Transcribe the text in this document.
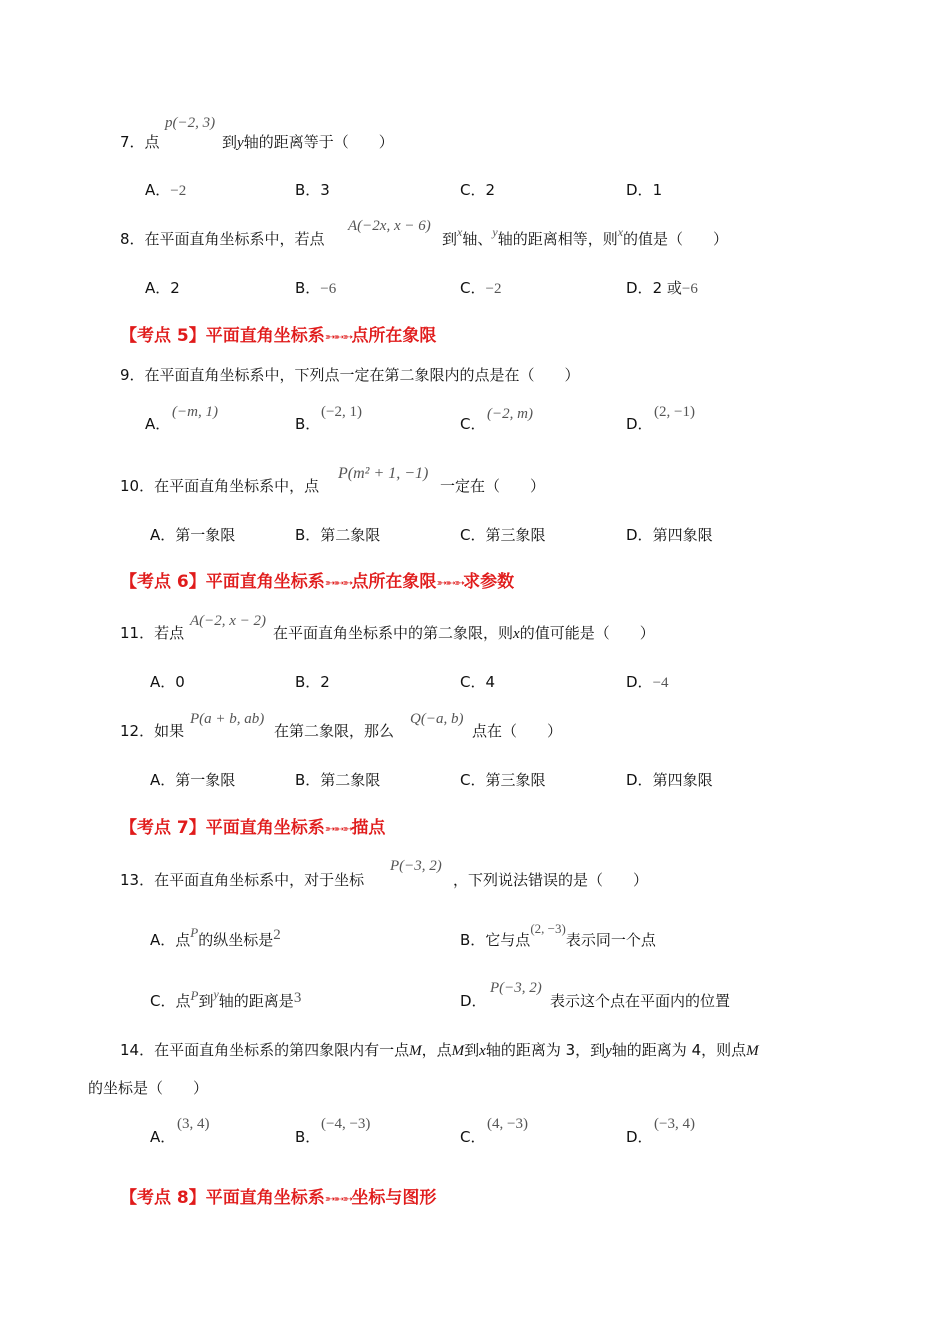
7．点
p(−2, 3)
到y轴的距离等于（　　）
A．−2	B．3	C．2	D．1
8．在平面直角坐标系中，若点
A(−2x, x − 6)
到$^x$轴、$^y$轴的距离相等，则$^x$的值是（　　）
A．2	B．−6	C．−2	D．2 或−6
【考点 5】平面直角坐标系➳➵➳点所在象限
9．在平面直角坐标系中，下列点一定在第二象限内的点是在（　　）
A．
(−m, 1)
B．
(−2, 1)
C．
(−2, m)
D．
(2, −1)
10．在平面直角坐标系中，点
P(m² + 1, −1)
一定在（　　）
A．第一象限	B．第二象限	C．第三象限	D．第四象限
【考点 6】平面直角坐标系➳➵➳点所在象限➳➵➳求参数
11．若点
A(−2, x − 2)
在平面直角坐标系中的第二象限，则x的值可能是（　　）
A．0	B．2	C．4	D．−4
12．如果
P(a + b, ab)
在第二象限，那么
Q(−a, b)
点在（　　）
A．第一象限	B．第二象限	C．第三象限	D．第四象限
【考点 7】平面直角坐标系➳➵➳描点
13．在平面直角坐标系中，对于坐标
P(−3, 2)
，下列说法错误的是（　　）
A．点P的纵坐标是2	B．它与点(2, −3)表示同一个点
C．点P到$^y$轴的距离是3	D．
P(−3, 2)
表示这个点在平面内的位置
14．在平面直角坐标系的第四象限内有一点M，点M到x轴的距离为 3，到y轴的距离为 4，则点M
的坐标是（　　）
A．
(3, 4)
B．
(−4, −3)
C．
(4, −3)
D．
(−3, 4)
【考点 8】平面直角坐标系➳➵➳坐标与图形
